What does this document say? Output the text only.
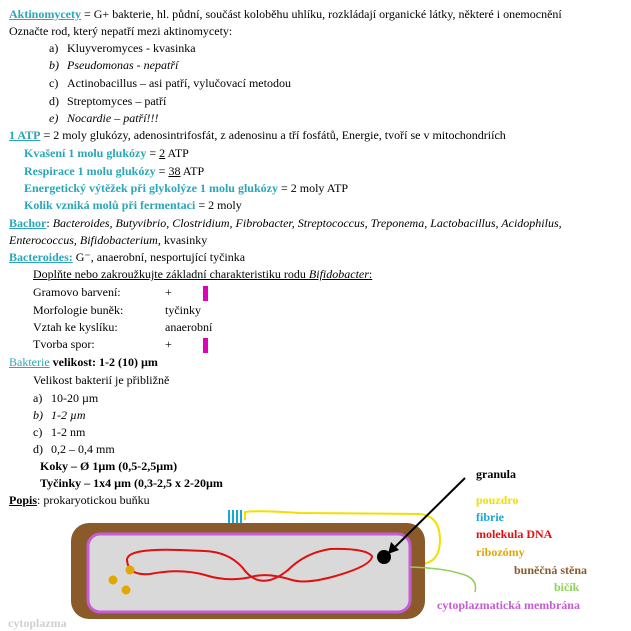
Aktinomycety = G+ bakterie, hl. půdní, součást koloběhu uhlíku, rozkládají organické látky, některé i onemocnění
Označte rod, který nepatří mezi aktinomycety:
a) Kluyveromyces - kvasinka
b) Pseudomonas - nepatří
c) Actinobacillus – asi patří, vylučovací metodou
d) Streptomyces – patří
e) Nocardie – patří!!!
1 ATP = 2 moly glukózy, adenosintrifosfát, z adenosinu a tří fosfátů, Energie, tvoří se v mitochondriích
Kvašení 1 molu glukózy = 2 ATP
Respirace 1 molu glukózy = 38 ATP
Energetický výtěžek při glykolýze 1 molu glukózy = 2 moly ATP
Kolik vzniká molů při fermentaci = 2 moly
Bachor: Bacteroides, Butyvibrio, Clostridium, Fibrobacter, Streptococcus, Treponema, Lactobacillus, Acidophilus,
Enterococcus, Bifidobacterium, kvasinky
Bacteroides: G⁻, anaerobní, nesportující tyčinka
Doplňte nebo zakroužkujte základní charakteristiku rodu Bifidobacter:
Gramovo barvení:	+
Morfologie buněk:	tyčinky
Vztah ke kyslíku:	anaerobní
Tvorba spor:	+
Bakterie velikost: 1-2 (10) µm
Velikost bakterií je přibližně
a) 10-20 µm
b) 1-2 µm
c) 1-2 nm
d) 0,2 – 0,4 mm
Koky – Ø 1µm (0,5-2,5µm)
Tyčinky – 1x4 µm (0,3-2,5 x 2-20µm
Popis: prokaryotickou buňku
granula
pouzdro
fibrie
molekula DNA
ribozómy
buněčná stěna
bičík
cytoplazmatická membrána
cytoplazma
